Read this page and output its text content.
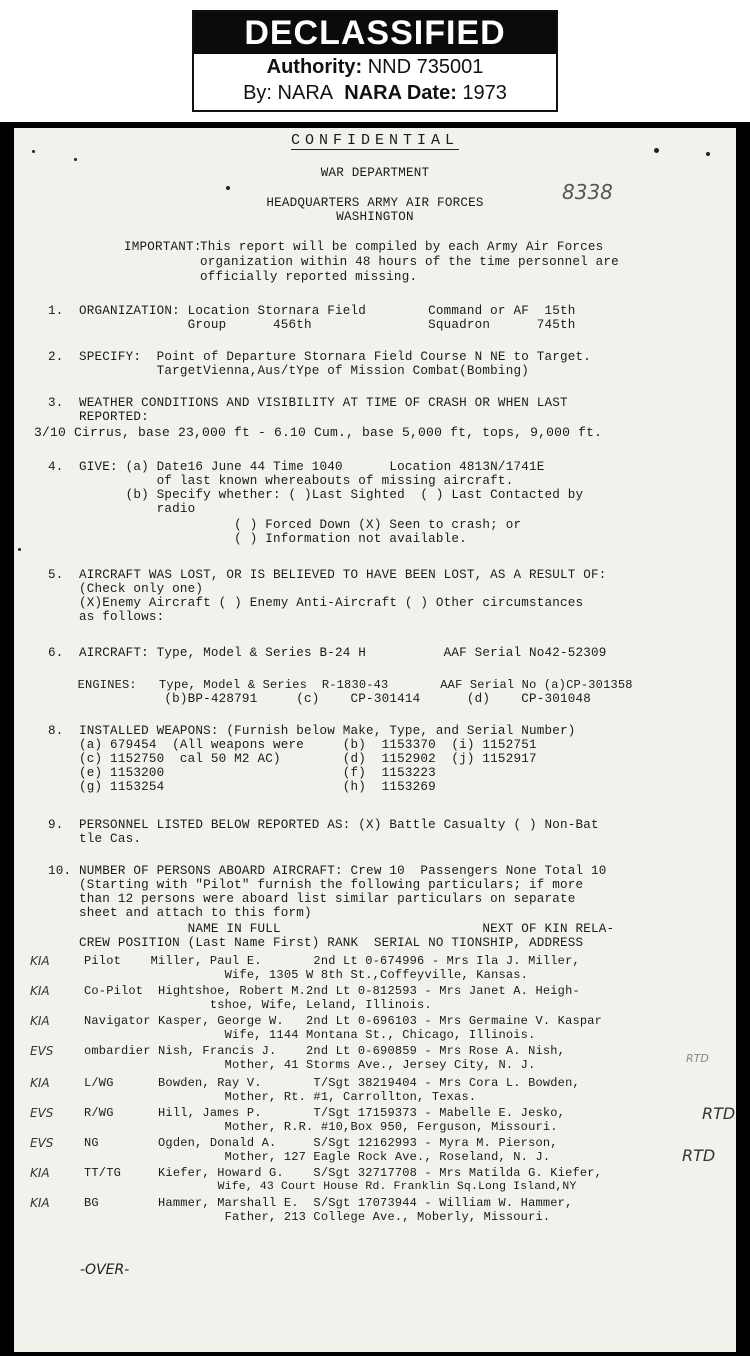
DECLASSIFIED
Authority: NND 735001
By: NARA NARA Date: 1973
CONFIDENTIAL
WAR DEPARTMENT
HEADQUARTERS ARMY AIR FORCES
WASHINGTON
8338
IMPORTANT:
This report will be compiled by each Army Air Forces
organization within 48 hours of the time personnel are
officially reported missing.
1.  ORGANIZATION: Location Stornara Field        Command or AF  15th
Group      456th               Squadron      745th
2.  SPECIFY:  Point of Departure Stornara Field Course N NE to Target.
TargetVienna,Aus/tYpe of Mission Combat(Bombing)
3.  WEATHER CONDITIONS AND VISIBILITY AT TIME OF CRASH OR WHEN LAST
REPORTED:
3/10 Cirrus, base 23,000 ft - 6.10 Cum., base 5,000 ft, tops, 9,000 ft.
4.  GIVE: (a) Date16 June 44 Time 1040      Location 4813N/1741E
of last known whereabouts of missing aircraft.
(b) Specify whether: ( )Last Sighted  ( ) Last Contacted by
radio
( ) Forced Down (X) Seen to crash; or
( ) Information not available.
5.  AIRCRAFT WAS LOST, OR IS BELIEVED TO HAVE BEEN LOST, AS A RESULT OF:
(Check only one)
(X)Enemy Aircraft ( ) Enemy Anti-Aircraft ( ) Other circumstances
as follows:
6.  AIRCRAFT: Type, Model & Series B-24 H          AAF Serial No42-52309
ENGINES:   Type, Model & Series  R-1830-43       AAF Serial No (a)CP-301358
(b)BP-428791     (c)    CP-301414      (d)    CP-301048
8.  INSTALLED WEAPONS: (Furnish below Make, Type, and Serial Number)
(a) 679454  (All weapons were     (b)  1153370  (i) 1152751
(c) 1152750  cal 50 M2 AC)        (d)  1152902  (j) 1152917
(e) 1153200                       (f)  1153223
(g) 1153254                       (h)  1153269
9.  PERSONNEL LISTED BELOW REPORTED AS: (X) Battle Casualty ( ) Non-Bat
tle Cas.
10. NUMBER OF PERSONS ABOARD AIRCRAFT: Crew 10  Passengers None Total 10
(Starting with "Pilot" furnish the following particulars; if more
than 12 persons were aboard list similar particulars on separate
sheet and attach to this form)
NAME IN FULL                          NEXT OF KIN RELA-
CREW POSITION (Last Name First) RANK  SERIAL NO TIONSHIP, ADDRESS
KIA	Pilot    Miller, Paul E.       2nd Lt 0-674996 - Mrs Ila J. Miller,
Wife, 1305 W 8th St.,Coffeyville, Kansas.
KIA	Co-Pilot  Hightshoe, Robert M.2nd Lt 0-812593 - Mrs Janet A. Heigh-
tshoe, Wife, Leland, Illinois.
KIA	Navigator Kasper, George W.   2nd Lt 0-696103 - Mrs Germaine V. Kaspar
Wife, 1144 Montana St., Chicago, Illinois.
EVS	ombardier Nish, Francis J.    2nd Lt 0-690859 - Mrs Rose A. Nish,
Mother, 41 Storms Ave., Jersey City, N. J.
KIA	L/WG      Bowden, Ray V.       T/Sgt 38219404 - Mrs Cora L. Bowden,
Mother, Rt. #1, Carrollton, Texas.
EVS	R/WG      Hill, James P.       T/Sgt 17159373 - Mabelle E. Jesko,
Mother, R.R. #10,Box 950, Ferguson, Missouri.
EVS	NG        Ogden, Donald A.     S/Sgt 12162993 - Myra M. Pierson,
Mother, 127 Eagle Rock Ave., Roseland, N. J.
KIA	TT/TG     Kiefer, Howard G.    S/Sgt 32717708 - Mrs Matilda G. Kiefer,
Wife, 43 Court House Rd. Franklin Sq.Long Island,NY
KIA	BG        Hammer, Marshall E.  S/Sgt 17073944 - William W. Hammer,
Father, 213 College Ave., Moberly, Missouri.
RTD
RTD
RTD
-OVER-
